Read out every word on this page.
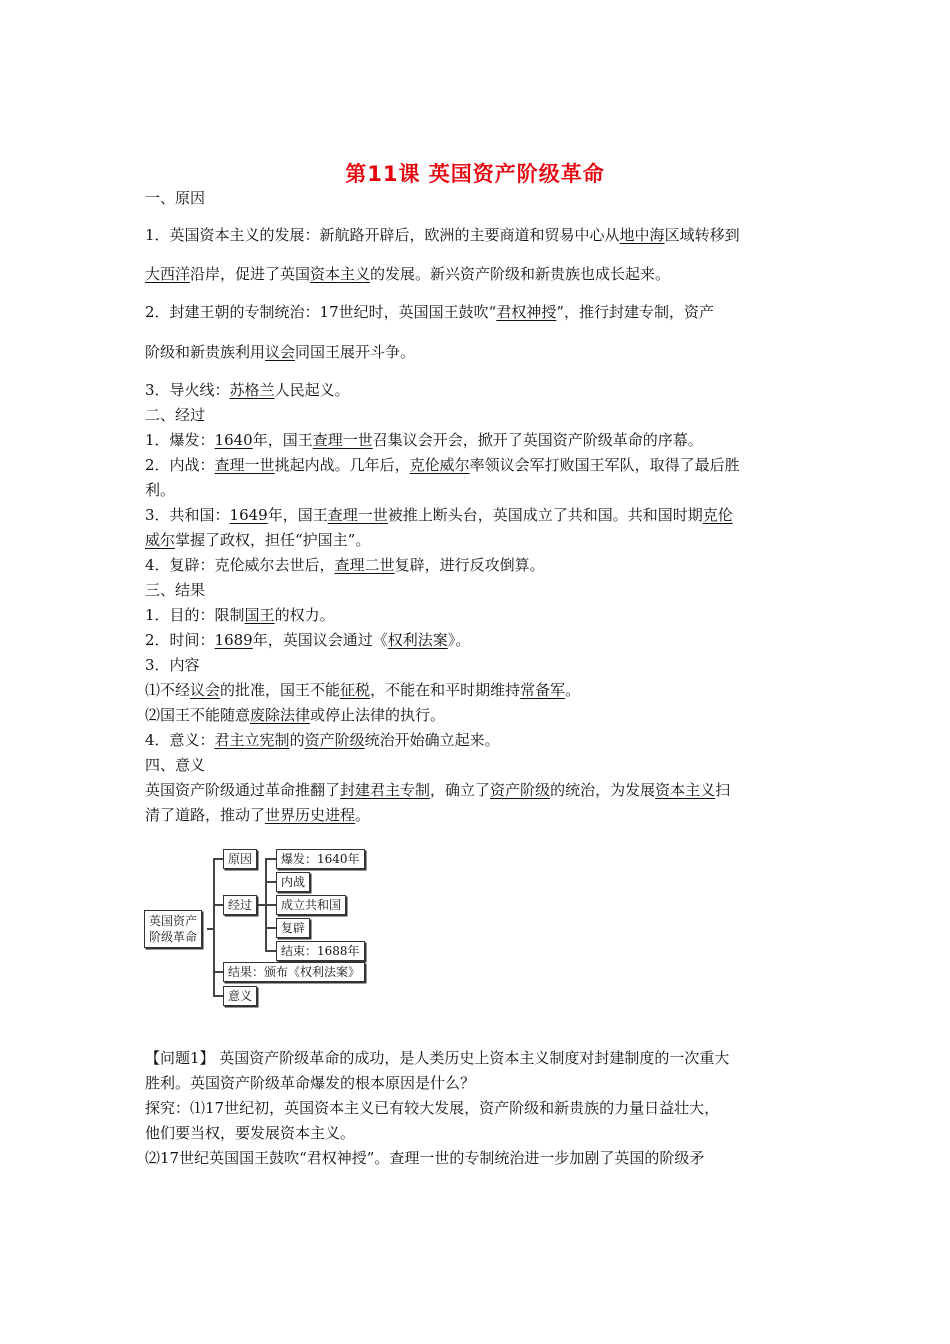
第11课 英国资产阶级革命
一、原因
1．英国资本主义的发展：新航路开辟后，欧洲的主要商道和贸易中心从地中海区域转移到
大西洋沿岸，促进了英国资本主义的发展。新兴资产阶级和新贵族也成长起来。
2．封建王朝的专制统治：17世纪时，英国国王鼓吹“君权神授”，推行封建专制，资产
阶级和新贵族利用议会同国王展开斗争。
3．导火线：苏格兰人民起义。
二、经过
1．爆发：1640年，国王查理一世召集议会开会，掀开了英国资产阶级革命的序幕。
2．内战：查理一世挑起内战。几年后，克伦威尔率领议会军打败国王军队，取得了最后胜
利。
3．共和国：1649年，国王查理一世被推上断头台，英国成立了共和国。共和国时期克伦
威尔掌握了政权，担任“护国主”。
4．复辟：克伦威尔去世后，查理二世复辟，进行反攻倒算。
三、结果
1．目的：限制国王的权力。
2．时间：1689年，英国议会通过《权利法案》。
3．内容
⑴不经议会的批准，国王不能征税，不能在和平时期维持常备军。
⑵国王不能随意废除法律或停止法律的执行。
4．意义：君主立宪制的资产阶级统治开始确立起来。
四、意义
英国资产阶级通过革命推翻了封建君主专制，确立了资产阶级的统治，为发展资本主义扫
清了道路，推动了世界历史进程。
英国资产
阶级革命
原因
经过
爆发：1640年
内战
成立共和国
复辟
结束：1688年
结果：颁布《权利法案》
意义
【问题1】 英国资产阶级革命的成功，是人类历史上资本主义制度对封建制度的一次重大
胜利。英国资产阶级革命爆发的根本原因是什么？
探究：⑴17世纪初，英国资本主义已有较大发展，资产阶级和新贵族的力量日益壮大，
他们要当权，要发展资本主义。
⑵17世纪英国国王鼓吹“君权神授”。查理一世的专制统治进一步加剧了英国的阶级矛
